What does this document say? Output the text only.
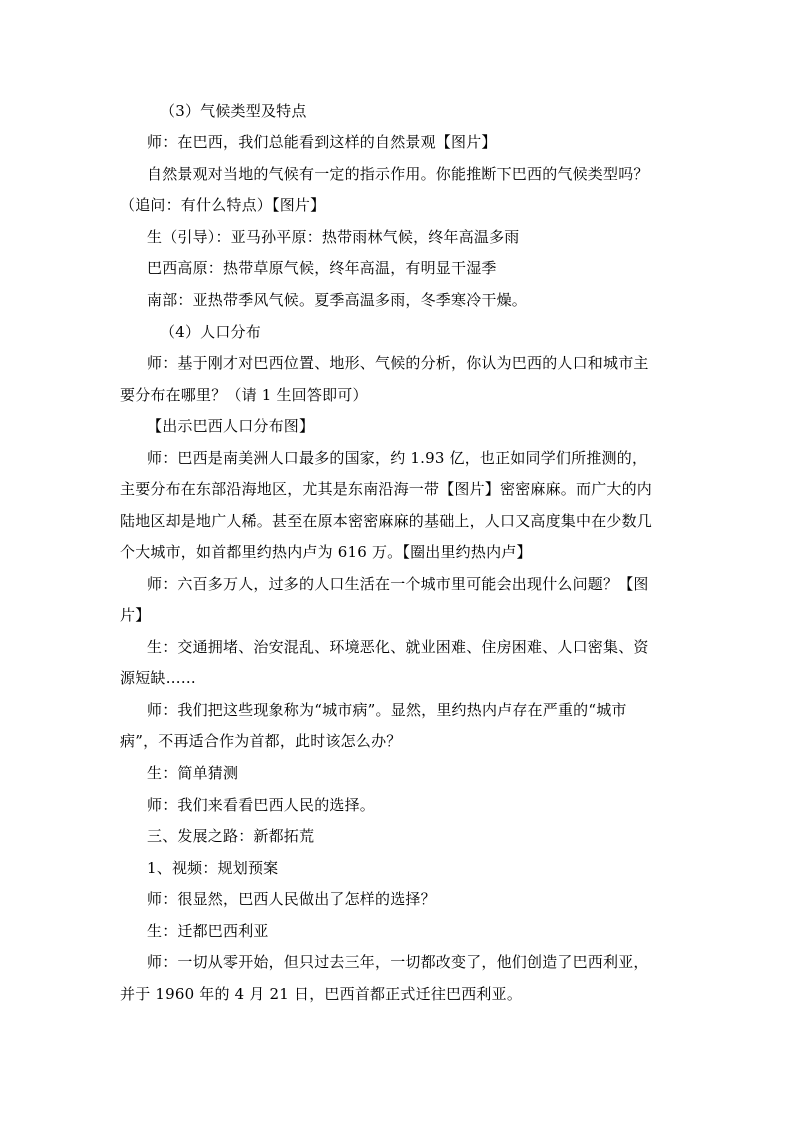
（3）气候类型及特点
师：在巴西，我们总能看到这样的自然景观【图片】
自然景观对当地的气候有一定的指示作用。你能推断下巴西的气候类型吗？
（追问：有什么特点）【图片】
生（引导）：亚马孙平原：热带雨林气候，终年高温多雨
巴西高原：热带草原气候，终年高温，有明显干湿季
南部：亚热带季风气候。夏季高温多雨，冬季寒冷干燥。
（4）人口分布
师：基于刚才对巴西位置、地形、气候的分析，你认为巴西的人口和城市主
要分布在哪里？（请 1 生回答即可）
【出示巴西人口分布图】
师：巴西是南美洲人口最多的国家，约 1.93 亿，也正如同学们所推测的，
主要分布在东部沿海地区，尤其是东南沿海一带【图片】密密麻麻。而广大的内
陆地区却是地广人稀。甚至在原本密密麻麻的基础上，人口又高度集中在少数几
个大城市，如首都里约热内卢为 616 万。【圈出里约热内卢】
师：六百多万人，过多的人口生活在一个城市里可能会出现什么问题？【图
片】
生：交通拥堵、治安混乱、环境恶化、就业困难、住房困难、人口密集、资
源短缺……
师：我们把这些现象称为“城市病”。显然，里约热内卢存在严重的“城市
病”，不再适合作为首都，此时该怎么办？
生：简单猜测
师：我们来看看巴西人民的选择。
三、发展之路：新都拓荒
1、视频：规划预案
师：很显然，巴西人民做出了怎样的选择？
生：迁都巴西利亚
师：一切从零开始，但只过去三年，一切都改变了，他们创造了巴西利亚，
并于 1960 年的 4 月 21 日，巴西首都正式迁往巴西利亚。
